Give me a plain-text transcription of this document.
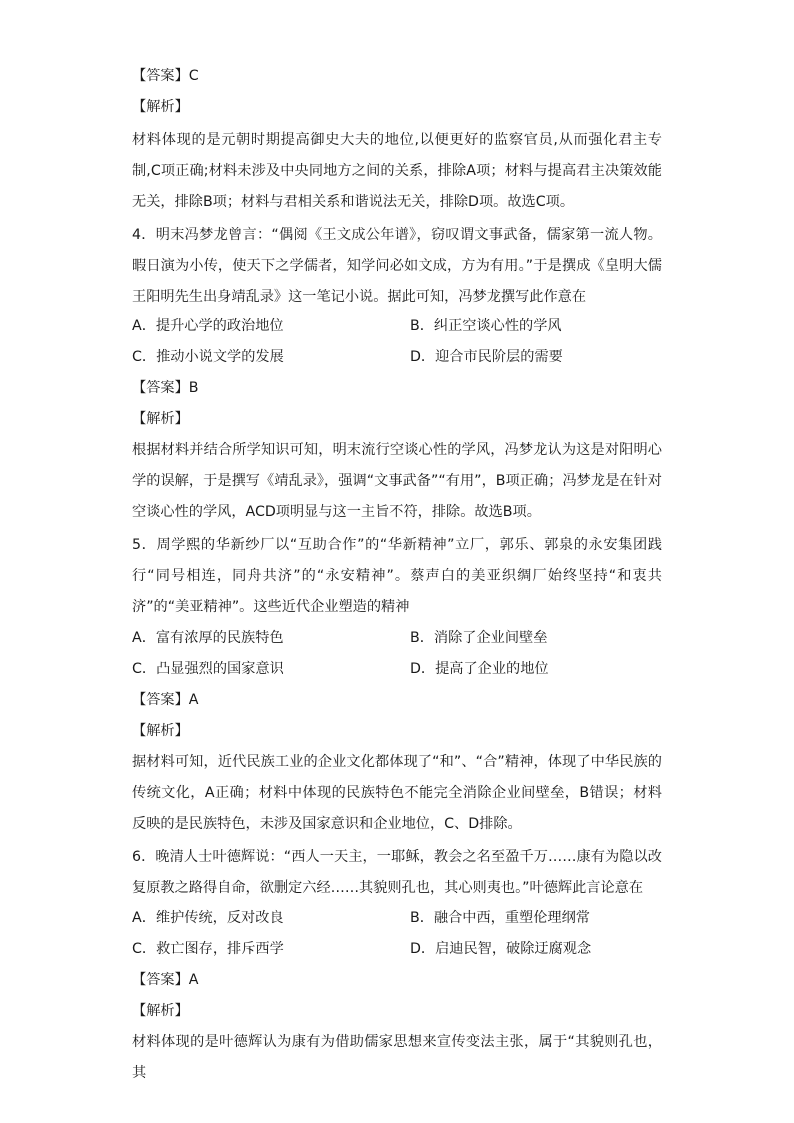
【答案】C
【解析】
材料体现的是元朝时期提高御史大夫的地位,以便更好的监察官员,从而强化君主专制,C项正确;材料未涉及中央同地方之间的关系，排除A项；材料与提高君主决策效能无关，排除B项；材料与君相关系和谐说法无关，排除D项。故选C项。
4．明末冯梦龙曾言：“偶阅《王文成公年谱》，窃叹谓文事武备，儒家第一流人物。暇日演为小传，使天下之学儒者，知学问必如文成，方为有用。”于是撰成《皇明大儒王阳明先生出身靖乱录》这一笔记小说。据此可知，冯梦龙撰写此作意在
A．提升心学的政治地位	B．纠正空谈心性的学风
C．推动小说文学的发展	D．迎合市民阶层的需要
【答案】B
【解析】
根据材料并结合所学知识可知，明末流行空谈心性的学风，冯梦龙认为这是对阳明心学的误解，于是撰写《靖乱录》，强调“文事武备”“有用”，B项正确；冯梦龙是在针对空谈心性的学风，ACD项明显与这一主旨不符，排除。故选B项。
5．周学熙的华新纱厂以“互助合作”的“华新精神”立厂，郭乐、郭泉的永安集团践行“同号相连，同舟共济”的“永安精神”。蔡声白的美亚织绸厂始终坚持“和衷共济”的“美亚精神”。这些近代企业塑造的精神
A．富有浓厚的民族特色	B．消除了企业间壁垒
C．凸显强烈的国家意识	D．提高了企业的地位
【答案】A
【解析】
据材料可知，近代民族工业的企业文化都体现了“和”、“合”精神，体现了中华民族的传统文化，A正确；材料中体现的民族特色不能完全消除企业间壁垒，B错误；材料反映的是民族特色，未涉及国家意识和企业地位，C、D排除。
6．晚清人士叶德辉说：“西人一天主，一耶稣，教会之名至盈千万……康有为隐以改复原教之路得自命，欲删定六经……其貌则孔也，其心则夷也。”叶德辉此言论意在
A．维护传统，反对改良	B．融合中西，重塑伦理纲常
C．救亡图存，排斥西学	D．启迪民智，破除迂腐观念
【答案】A
【解析】
材料体现的是叶德辉认为康有为借助儒家思想来宣传变法主张，属于“其貌则孔也，其
